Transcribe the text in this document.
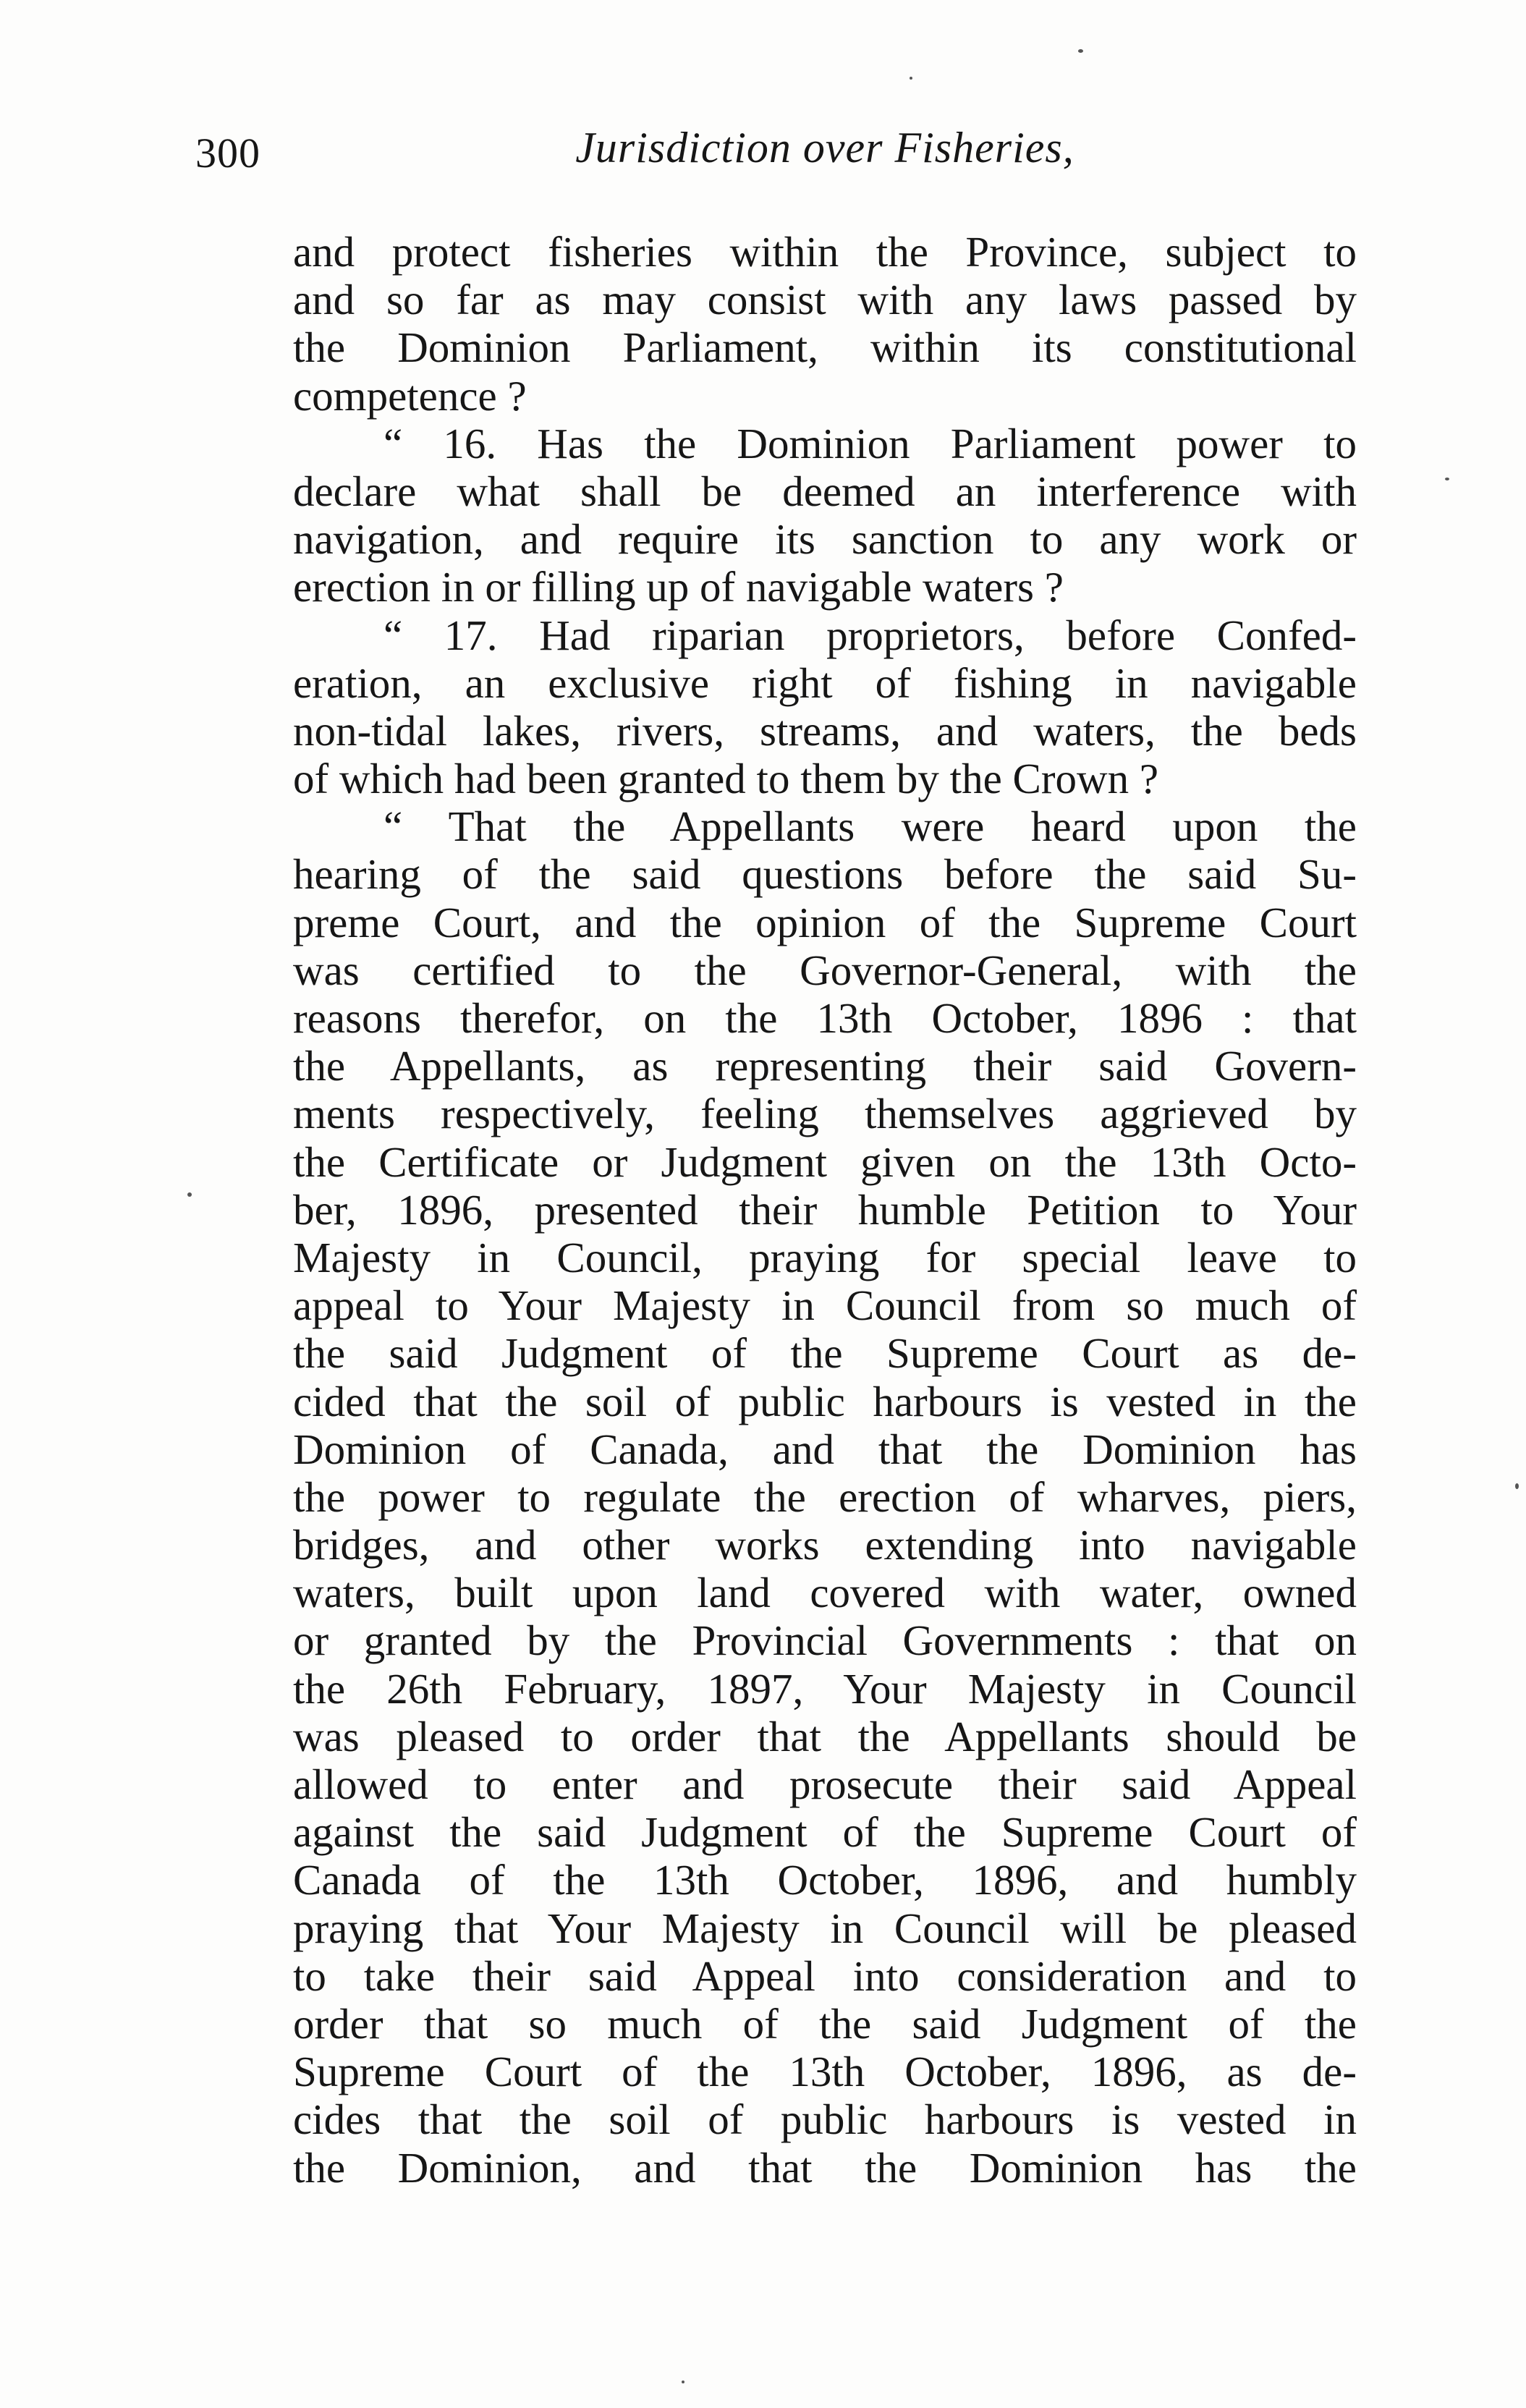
300	Jurisdiction over Fisheries,
and protect fisheries within the Province, subject to
and so far as may consist with any laws passed by
the Dominion Parliament, within its constitutional
competence ?
“ 16. Has the Dominion Parliament power to
declare what shall be deemed an interference with
navigation, and require its sanction to any work or
erection in or filling up of navigable waters ?
“ 17. Had riparian proprietors, before Confed-
eration, an exclusive right of fishing in navigable
non-tidal lakes, rivers, streams, and waters, the beds
of which had been granted to them by the Crown ?
“ That the Appellants were heard upon the
hearing of the said questions before the said Su-
preme Court, and the opinion of the Supreme Court
was certified to the Governor-General, with the
reasons therefor, on the 13th October, 1896 : that
the Appellants, as representing their said Govern-
ments respectively, feeling themselves aggrieved by
the Certificate or Judgment given on the 13th Octo-
ber, 1896, presented their humble Petition to Your
Majesty in Council, praying for special leave to
appeal to Your Majesty in Council from so much of
the said Judgment of the Supreme Court as de-
cided that the soil of public harbours is vested in the
Dominion of Canada, and that the Dominion has
the power to regulate the erection of wharves, piers,
bridges, and other works extending into navigable
waters, built upon land covered with water, owned
or granted by the Provincial Governments : that on
the 26th February, 1897, Your Majesty in Council
was pleased to order that the Appellants should be
allowed to enter and prosecute their said Appeal
against the said Judgment of the Supreme Court of
Canada of the 13th October, 1896, and humbly
praying that Your Majesty in Council will be pleased
to take their said Appeal into consideration and to
order that so much of the said Judgment of the
Supreme Court of the 13th October, 1896, as de-
cides that the soil of public harbours is vested in
the Dominion, and that the Dominion has the
